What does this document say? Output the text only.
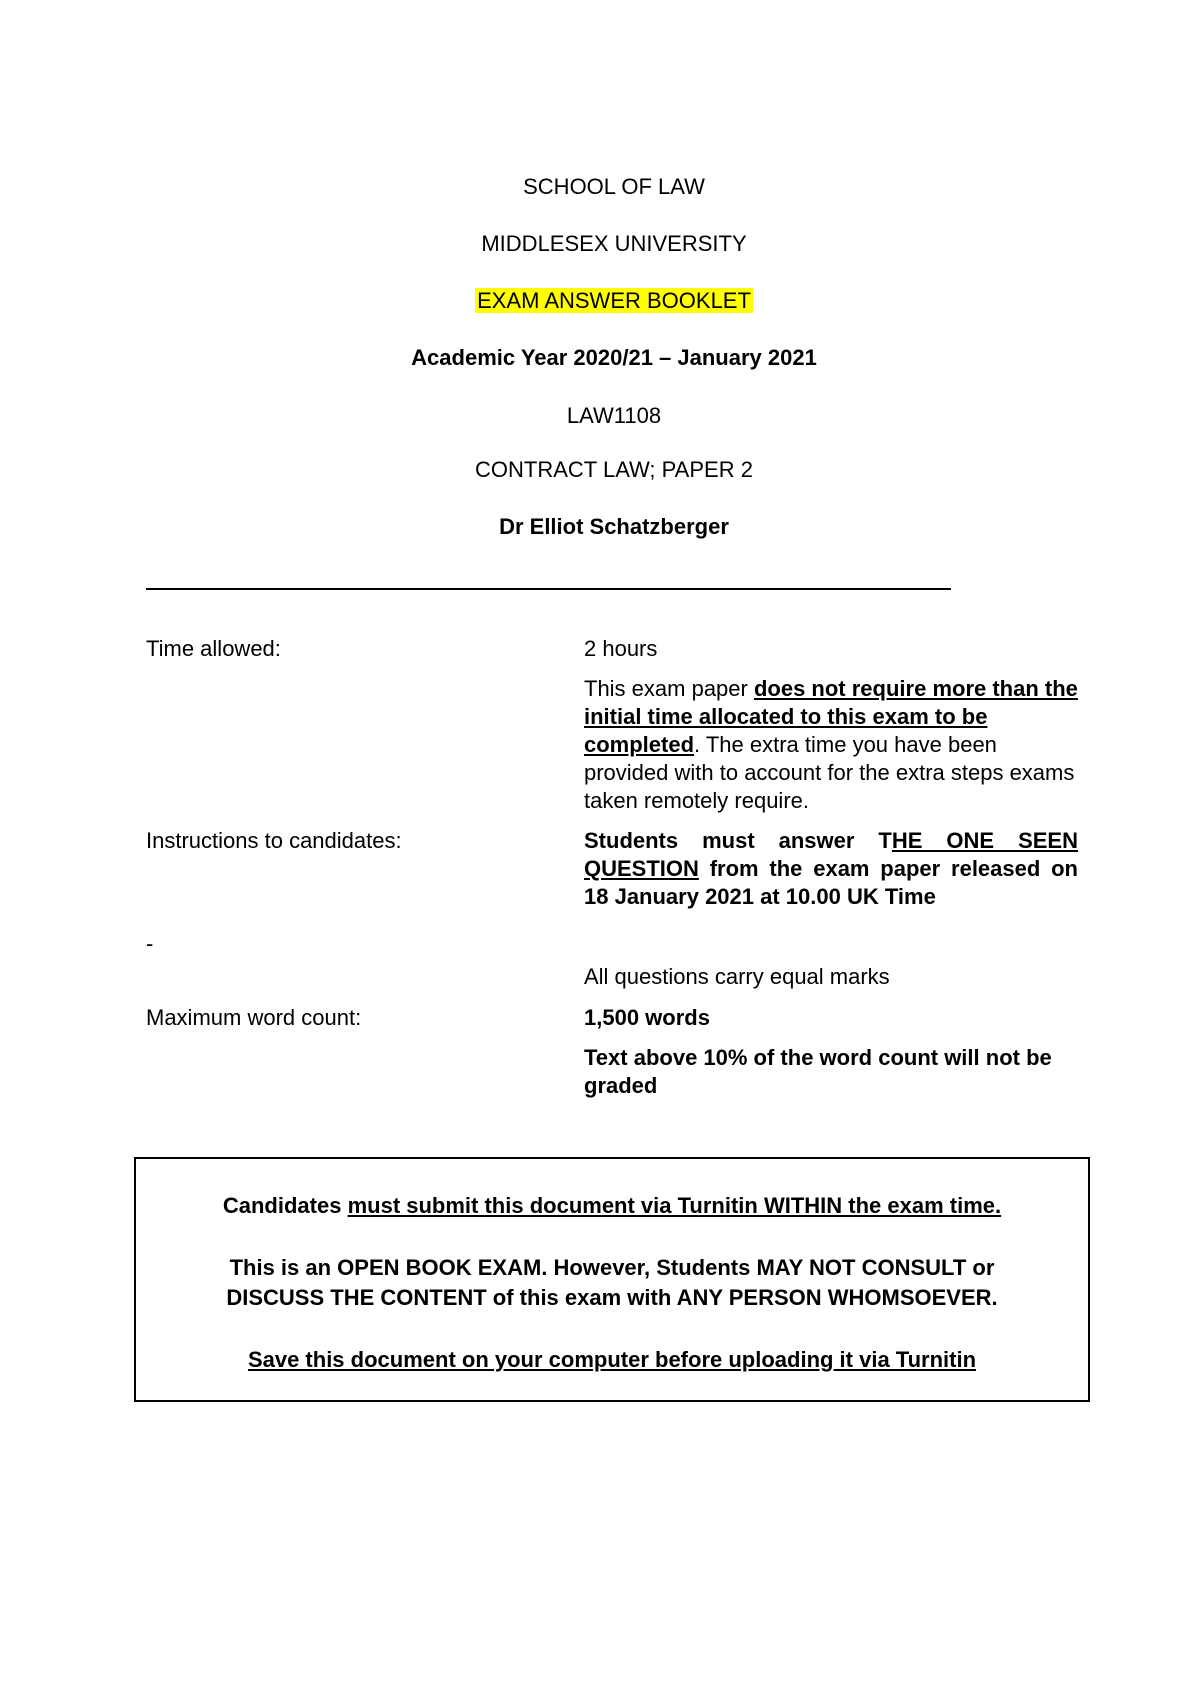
SCHOOL OF LAW
MIDDLESEX UNIVERSITY
EXAM ANSWER BOOKLET
Academic Year 2020/21 – January 2021
LAW1108
CONTRACT LAW; PAPER 2
Dr Elliot Schatzberger
Time allowed:	2 hours
This exam paper does not require more than the initial time allocated to this exam to be completed. The extra time you have been provided with to account for the extra steps exams taken remotely require.
Instructions to candidates:	Students must answer THE ONE SEEN QUESTION from the exam paper released on 18 January 2021 at 10.00 UK Time
-
All questions carry equal marks
Maximum word count:	1,500 words
Text above 10% of the word count will not be graded
Candidates must submit this document via Turnitin WITHIN the exam time.
This is an OPEN BOOK EXAM. However, Students MAY NOT CONSULT or
DISCUSS THE CONTENT of this exam with ANY PERSON WHOMSOEVER.
Save this document on your computer before uploading it via Turnitin
